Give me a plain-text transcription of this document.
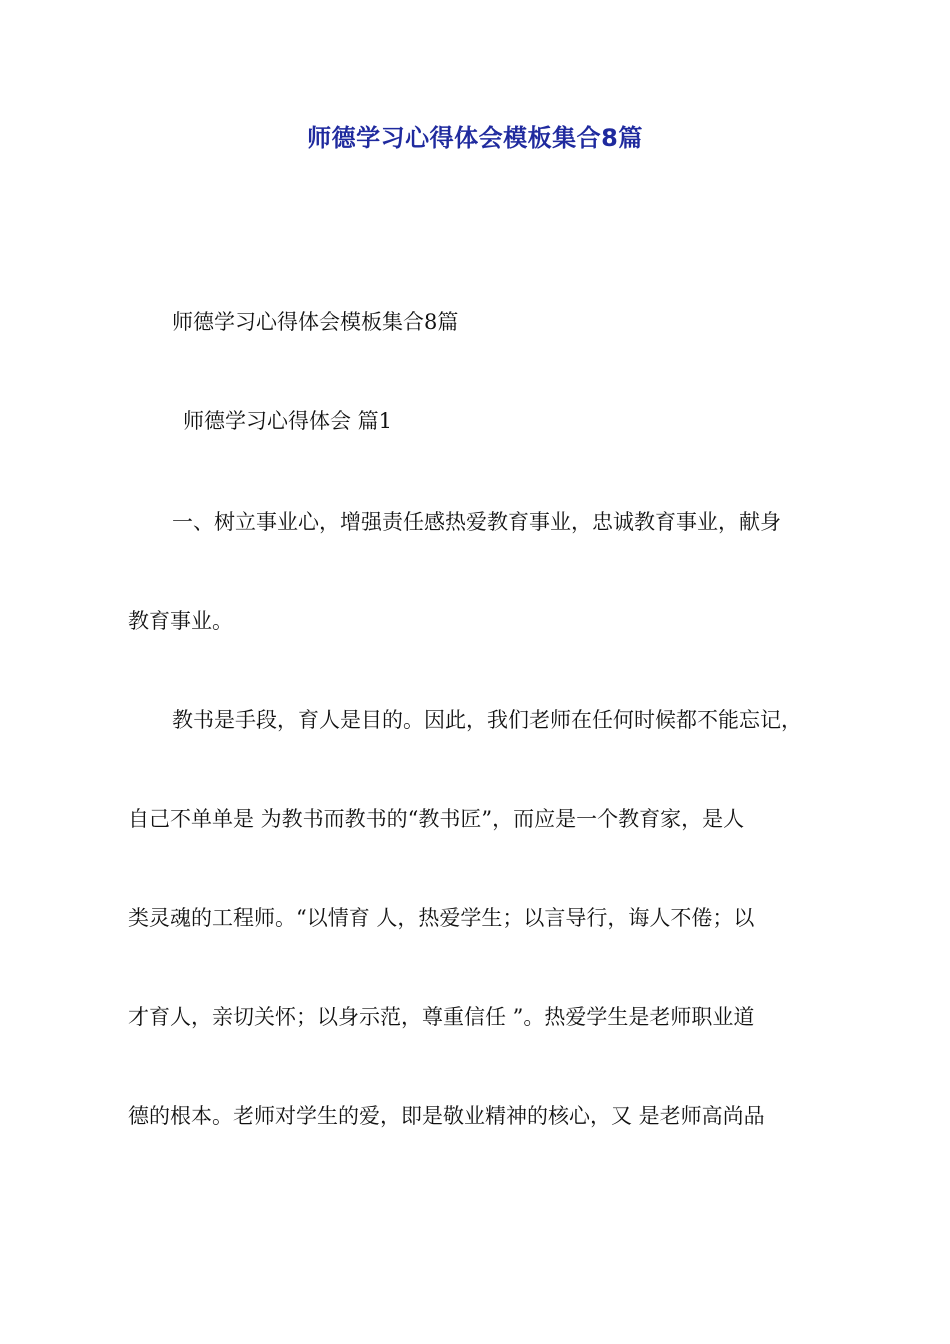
师德学习心得体会模板集合8篇
师德学习心得体会模板集合8篇
师德学习心得体会 篇1
一、树立事业心，增强责任感热爱教育事业，忠诚教育事业，献身
教育事业。
教书是手段，育人是目的。因此，我们老师在任何时候都不能忘记，
自己不单单是 为教书而教书的“教书匠”，而应是一个教育家，是人
类灵魂的工程师。“以情育 人，热爱学生；以言导行，诲人不倦；以
才育人，亲切关怀；以身示范，尊重信任 ”。热爱学生是老师职业道
德的根本。老师对学生的爱，即是敬业精神的核心，又 是老师高尚品
